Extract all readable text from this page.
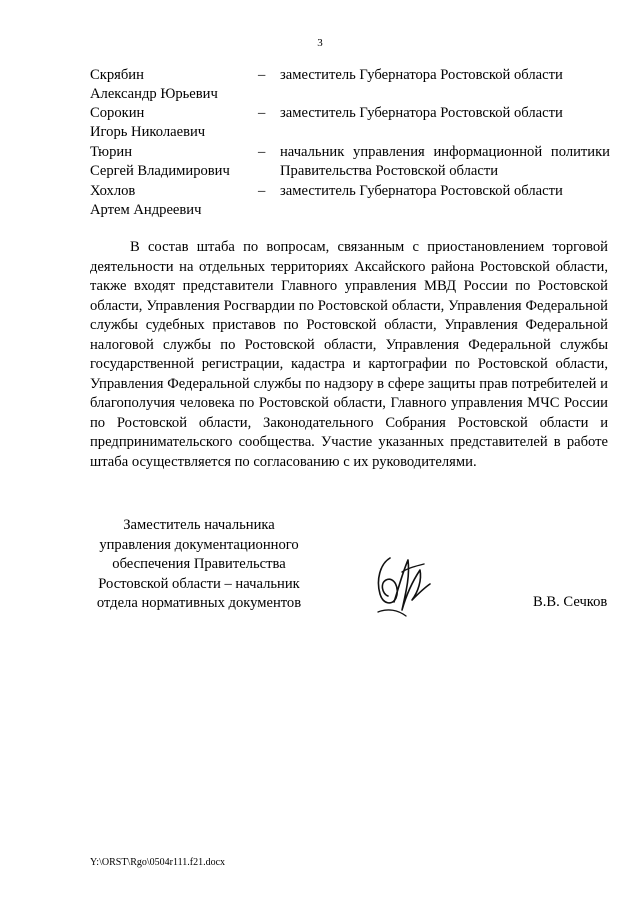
3
Скрябин
Александр Юрьевич
– заместитель Губернатора Ростовской области
Сорокин
Игорь Николаевич
– заместитель Губернатора Ростовской области
Тюрин
Сергей Владимирович
– начальник управления информационной политики Правительства Ростовской области
Хохлов
Артем Андреевич
– заместитель Губернатора Ростовской области

В состав штаба по вопросам, связанным с приостановлением торговой деятельности на отдельных территориях Аксайского района Ростовской области, также входят представители Главного управления МВД России по Ростовской области, Управления Росгвардии по Ростовской области, Управления Федеральной службы судебных приставов по Ростовской области, Управления Федеральной налоговой службы по Ростовской области, Управления Федеральной службы государственной регистрации, кадастра и картографии по Ростовской области, Управления Федеральной службы по надзору в сфере защиты прав потребителей и благополучия человека по Ростовской области, Главного управления МЧС России по Ростовской области, Законодательного Собрания Ростовской области и предпринимательского сообщества. Участие указанных представителей в работе штаба осуществляется по согласованию с их руководителями.

Заместитель начальника
управления документационного
обеспечения Правительства
Ростовской области – начальник
отдела нормативных документов	В.В. Сечков
Y:\ORST\Rgo\0504r111.f21.docx
